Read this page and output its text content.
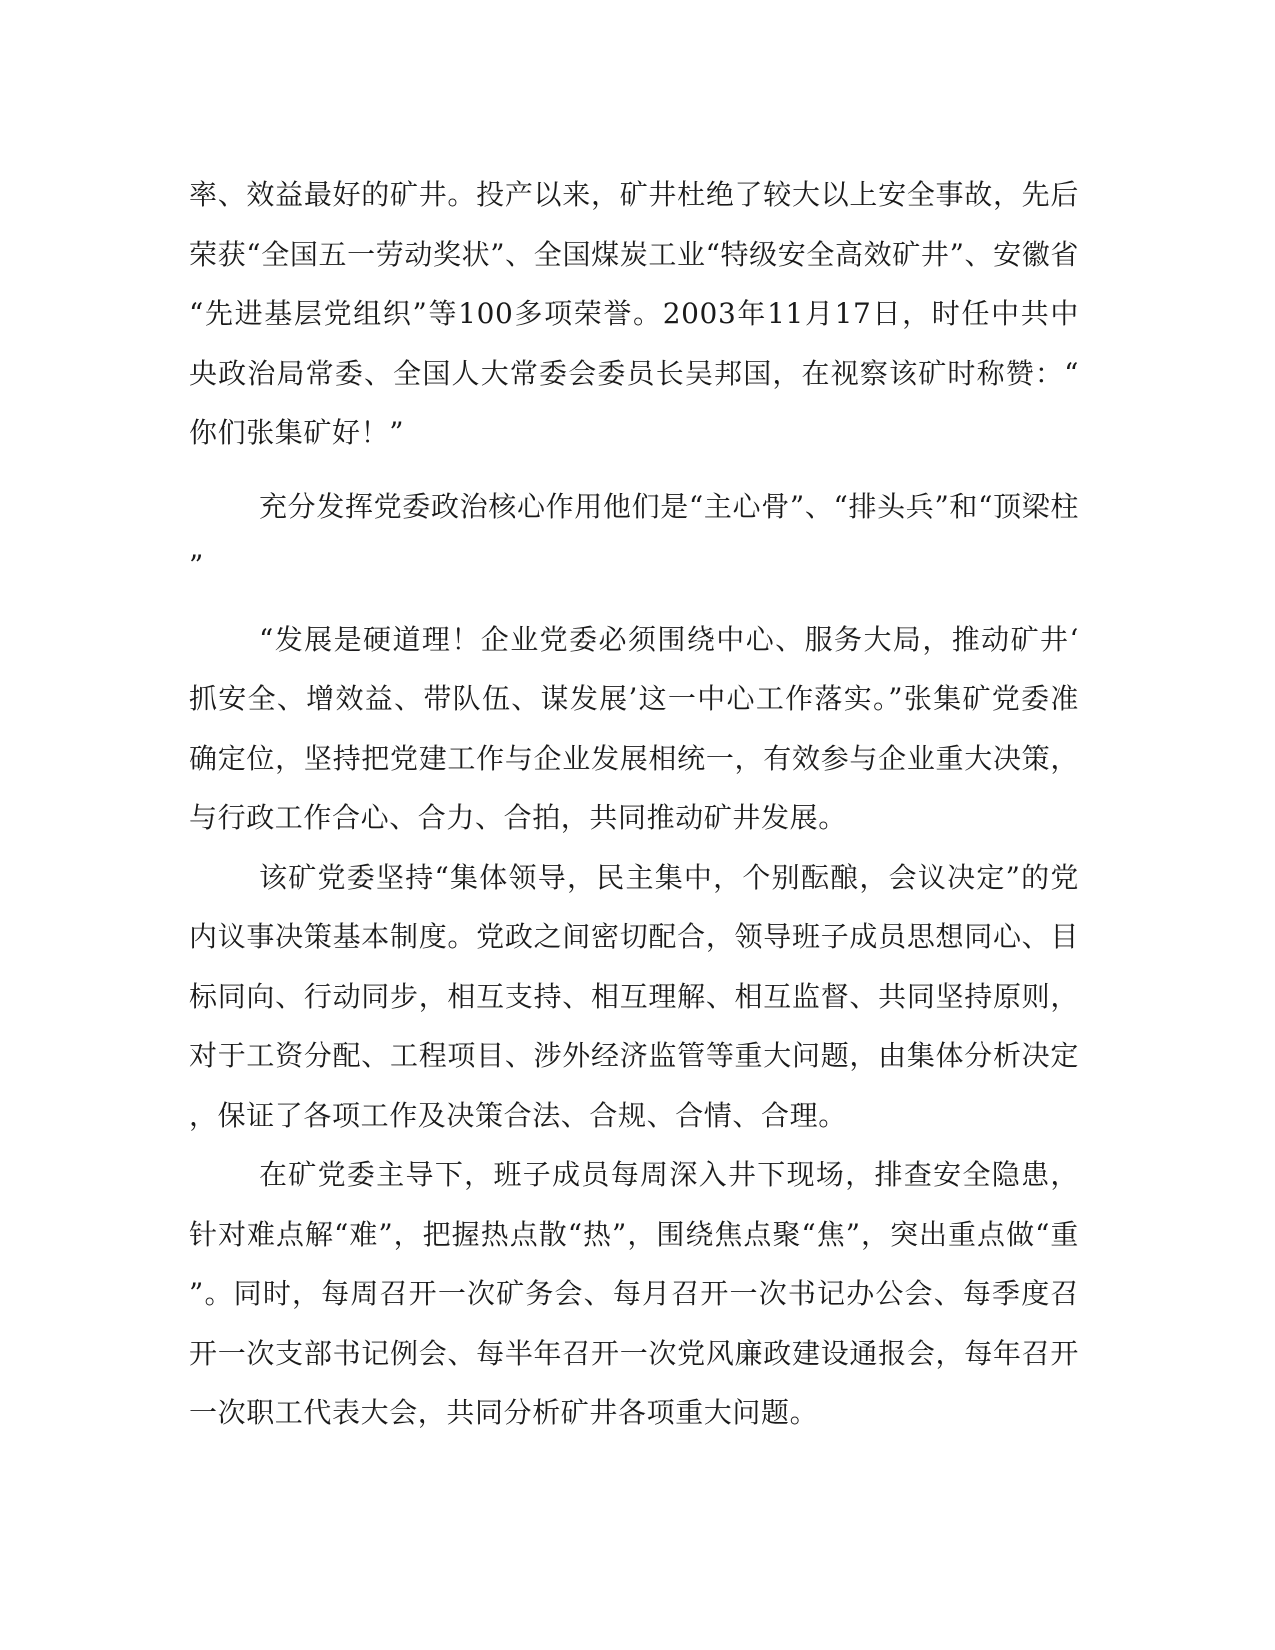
率、效益最好的矿井。投产以来，矿井杜绝了较大以上安全事故，先后荣获“全国五一劳动奖状”、全国煤炭工业“特级安全高效矿井”、安徽省“先进基层党组织”等100多项荣誉。2003年11月17日，时任中共中央政治局常委、全国人大常委会委员长吴邦国，在视察该矿时称赞：“你们张集矿好！”

充分发挥党委政治核心作用他们是“主心骨”、“排头兵”和“顶梁柱”

“发展是硬道理！企业党委必须围绕中心、服务大局，推动矿井‘抓安全、增效益、带队伍、谋发展’这一中心工作落实。”张集矿党委准确定位，坚持把党建工作与企业发展相统一，有效参与企业重大决策，与行政工作合心、合力、合拍，共同推动矿井发展。

该矿党委坚持“集体领导，民主集中，个别酝酿，会议决定”的党内议事决策基本制度。党政之间密切配合，领导班子成员思想同心、目标同向、行动同步，相互支持、相互理解、相互监督、共同坚持原则，对于工资分配、工程项目、涉外经济监管等重大问题，由集体分析决定，保证了各项工作及决策合法、合规、合情、合理。

在矿党委主导下，班子成员每周深入井下现场，排查安全隐患，针对难点解“难”，把握热点散“热”，围绕焦点聚“焦”，突出重点做“重”。同时，每周召开一次矿务会、每月召开一次书记办公会、每季度召开一次支部书记例会、每半年召开一次党风廉政建设通报会，每年召开一次职工代表大会，共同分析矿井各项重大问题。
